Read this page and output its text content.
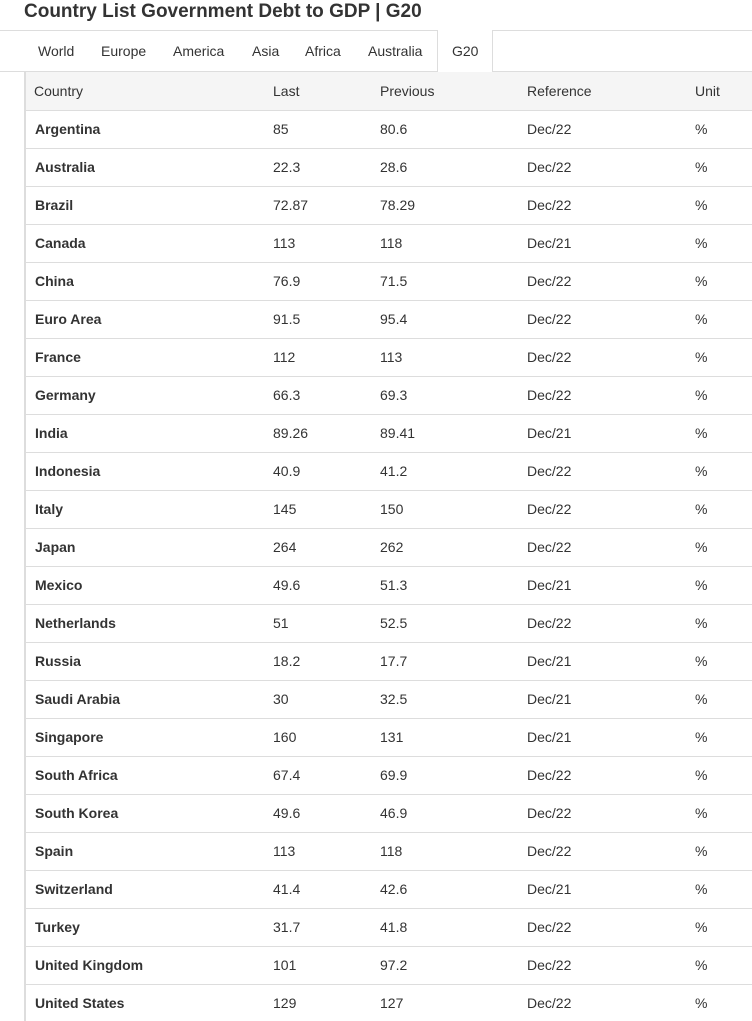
Country List Government Debt to GDP | G20
World Europe America Asia Africa Australia	G20
Country	Last	Previous	Reference	Unit
Argentina	85	80.6	Dec/22	%
Australia	22.3	28.6	Dec/22	%
Brazil	72.87	78.29	Dec/22	%
Canada	113	118	Dec/21	%
China	76.9	71.5	Dec/22	%
Euro Area	91.5	95.4	Dec/22	%
France	112	113	Dec/22	%
Germany	66.3	69.3	Dec/22	%
India	89.26	89.41	Dec/21	%
Indonesia	40.9	41.2	Dec/22	%
Italy	145	150	Dec/22	%
Japan	264	262	Dec/22	%
Mexico	49.6	51.3	Dec/21	%
Netherlands	51	52.5	Dec/22	%
Russia	18.2	17.7	Dec/21	%
Saudi Arabia	30	32.5	Dec/21	%
Singapore	160	131	Dec/21	%
South Africa	67.4	69.9	Dec/22	%
South Korea	49.6	46.9	Dec/22	%
Spain	113	118	Dec/22	%
Switzerland	41.4	42.6	Dec/21	%
Turkey	31.7	41.8	Dec/22	%
United Kingdom	101	97.2	Dec/22	%
United States	129	127	Dec/22	%
